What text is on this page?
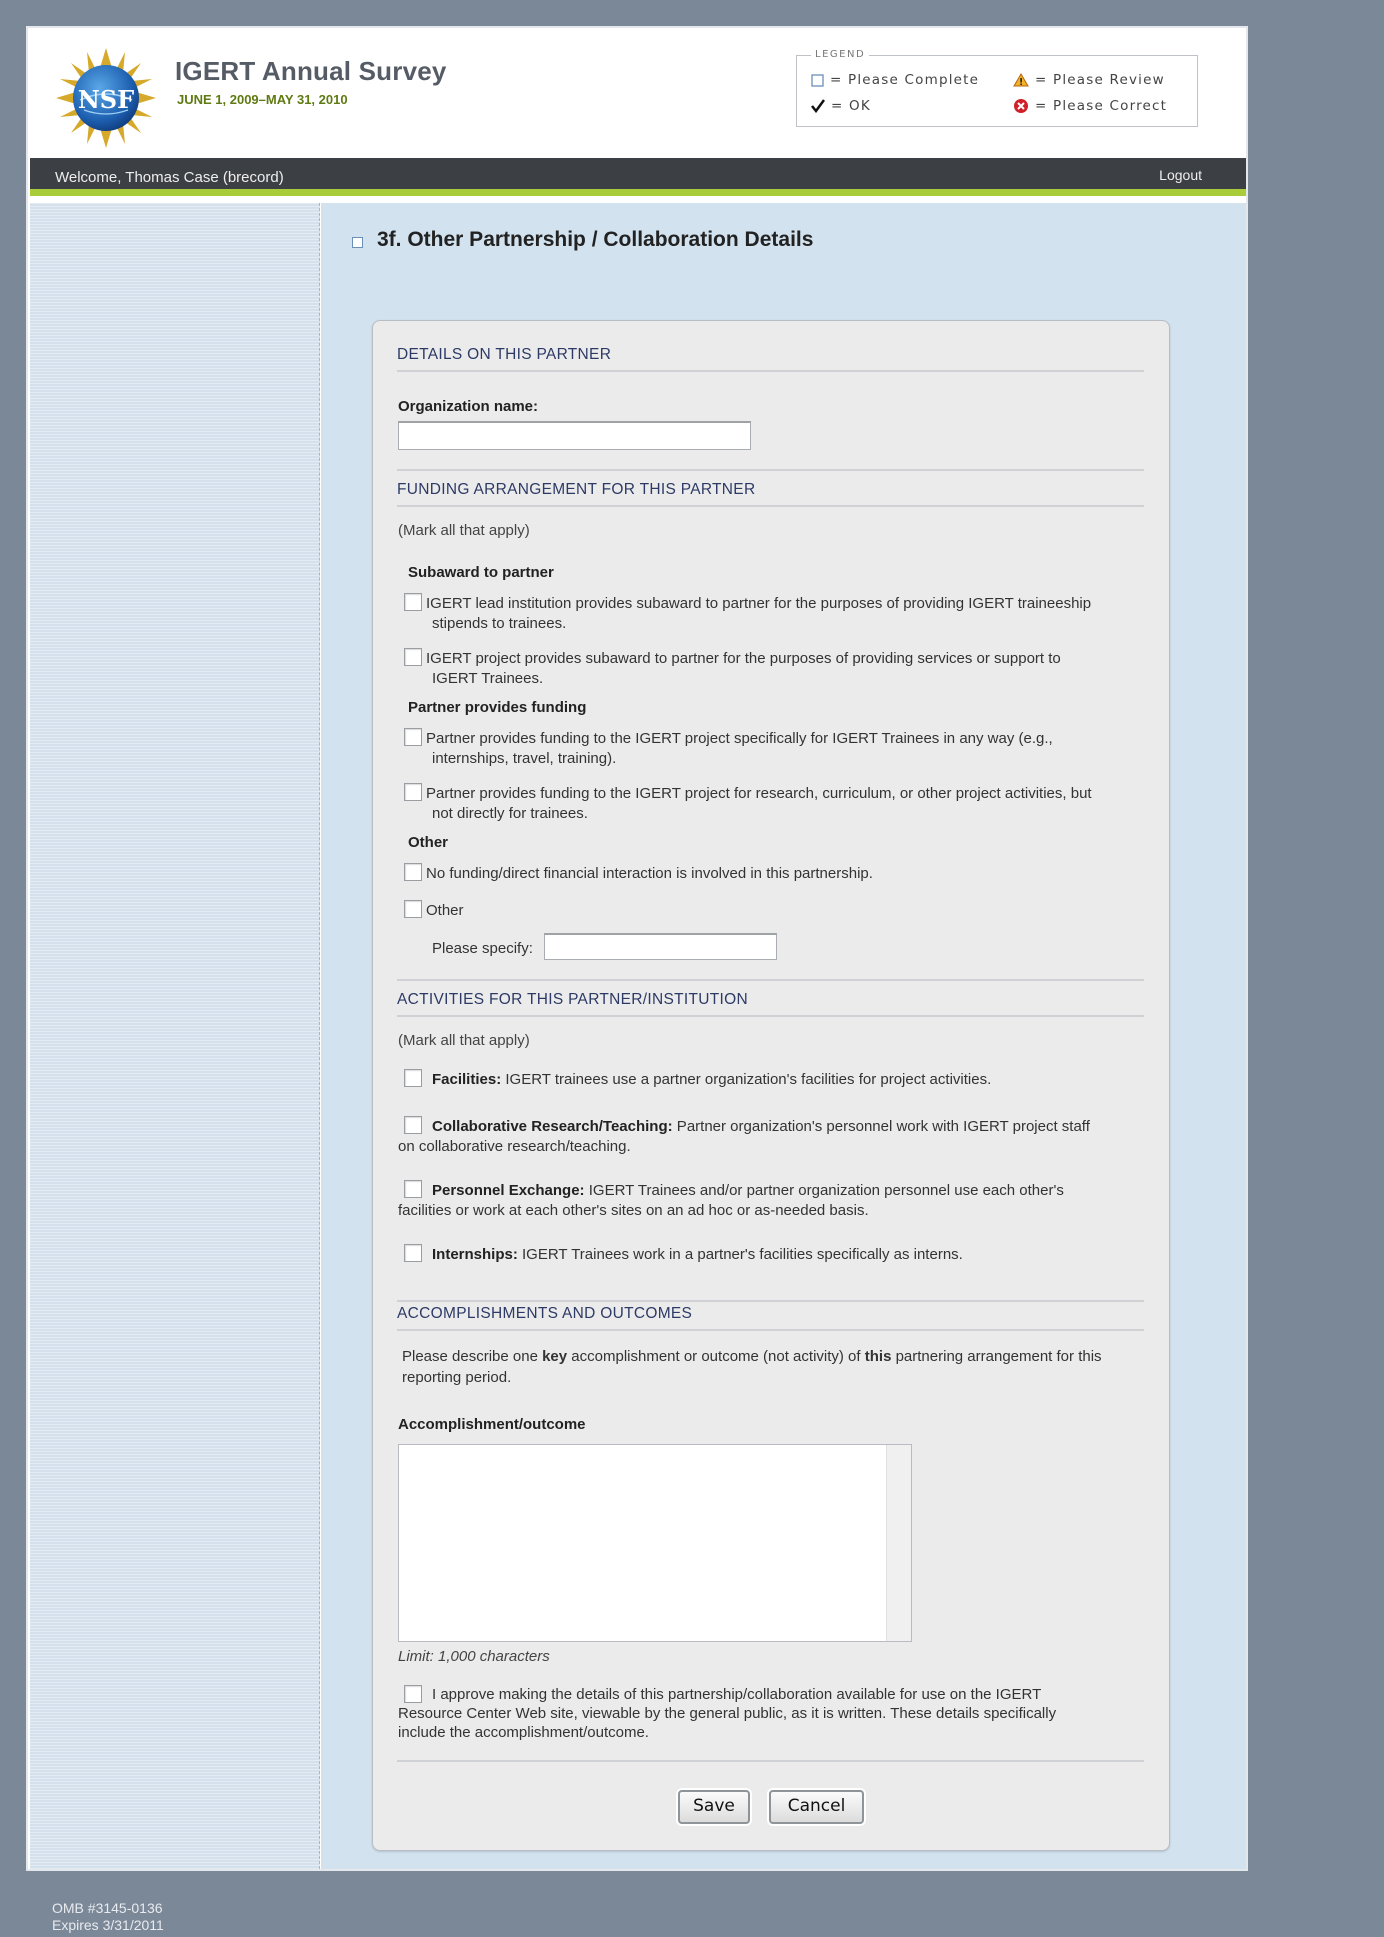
NSF
IGERT Annual Survey
JUNE 1, 2009–MAY 31, 2010
LEGEND
= Please Complete
= OK
= Please Review
= Please Correct
Welcome, Thomas Case (brecord)	Logout
3f. Other Partnership / Collaboration Details
DETAILS ON THIS PARTNER
Organization name:
FUNDING ARRANGEMENT FOR THIS PARTNER
(Mark all that apply)
Subaward to partner
IGERT lead institution provides subaward to partner for the purposes of providing IGERT traineeship
stipends to trainees.
IGERT project provides subaward to partner for the purposes of providing services or support to
IGERT Trainees.
Partner provides funding
Partner provides funding to the IGERT project specifically for IGERT Trainees in any way (e.g.,
internships, travel, training).
Partner provides funding to the IGERT project for research, curriculum, or other project activities, but
not directly for trainees.
Other
No funding/direct financial interaction is involved in this partnership.
Other
Please specify:
ACTIVITIES FOR THIS PARTNER/INSTITUTION
(Mark all that apply)
Facilities: IGERT trainees use a partner organization's facilities for project activities.
Collaborative Research/Teaching: Partner organization's personnel work with IGERT project staff
on collaborative research/teaching.
Personnel Exchange: IGERT Trainees and/or partner organization personnel use each other's
facilities or work at each other's sites on an ad hoc or as-needed basis.
Internships: IGERT Trainees work in a partner's facilities specifically as interns.
ACCOMPLISHMENTS AND OUTCOMES
Please describe one key accomplishment or outcome (not activity) of this partnering arrangement for this
reporting period.
Accomplishment/outcome
Limit: 1,000 characters
I approve making the details of this partnership/collaboration available for use on the IGERT
Resource Center Web site, viewable by the general public, as it is written. These details specifically
include the accomplishment/outcome.
Save	Cancel
OMB #3145-0136
Expires 3/31/2011
